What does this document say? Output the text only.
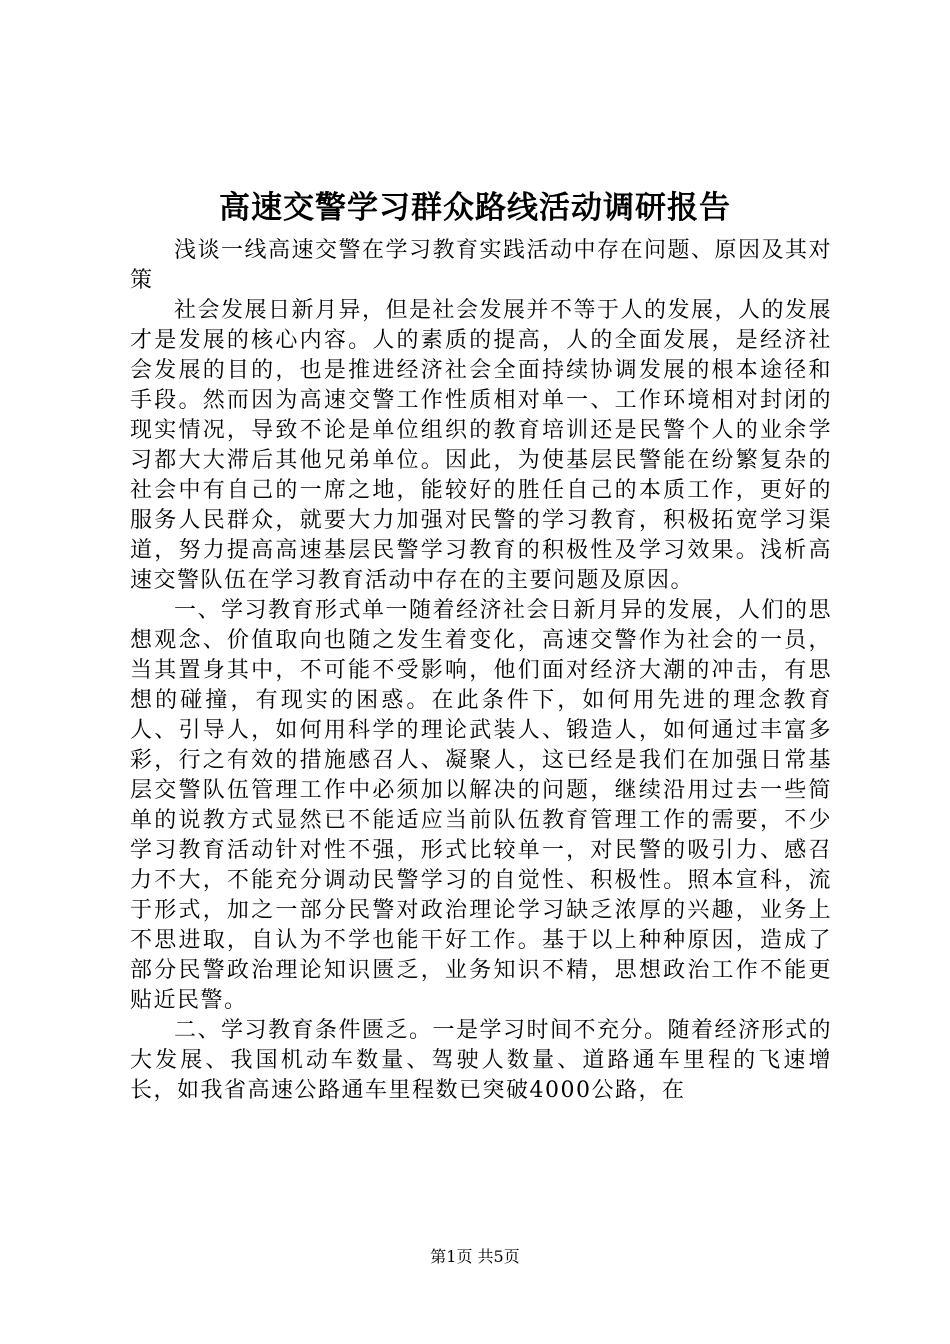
高速交警学习群众路线活动调研报告

浅谈一线高速交警在学习教育实践活动中存在问题、原因及其对策

社会发展日新月异，但是社会发展并不等于人的发展，人的发展才是发展的核心内容。人的素质的提高，人的全面发展，是经济社会发展的目的，也是推进经济社会全面持续协调发展的根本途径和手段。然而因为高速交警工作性质相对单一、工作环境相对封闭的现实情况，导致不论是单位组织的教育培训还是民警个人的业余学习都大大滞后其他兄弟单位。因此，为使基层民警能在纷繁复杂的社会中有自己的一席之地，能较好的胜任自己的本质工作，更好的服务人民群众，就要大力加强对民警的学习教育，积极拓宽学习渠道，努力提高高速基层民警学习教育的积极性及学习效果。浅析高速交警队伍在学习教育活动中存在的主要问题及原因。

一、学习教育形式单一随着经济社会日新月异的发展，人们的思想观念、价值取向也随之发生着变化，高速交警作为社会的一员，当其置身其中，不可能不受影响，他们面对经济大潮的冲击，有思想的碰撞，有现实的困惑。在此条件下，如何用先进的理念教育人、引导人，如何用科学的理论武装人、锻造人，如何通过丰富多彩，行之有效的措施感召人、凝聚人，这已经是我们在加强日常基层交警队伍管理工作中必须加以解决的问题，继续沿用过去一些简单的说教方式显然已不能适应当前队伍教育管理工作的需要，不少学习教育活动针对性不强，形式比较单一，对民警的吸引力、感召力不大，不能充分调动民警学习的自觉性、积极性。照本宣科，流于形式，加之一部分民警对政治理论学习缺乏浓厚的兴趣，业务上不思进取，自认为不学也能干好工作。基于以上种种原因，造成了部分民警政治理论知识匮乏，业务知识不精，思想政治工作不能更贴近民警。

二、学习教育条件匮乏。一是学习时间不充分。随着经济形式的大发展、我国机动车数量、驾驶人数量、道路通车里程的飞速增长，如我省高速公路通车里程数已突破4000公路，在

第1页 共5页
